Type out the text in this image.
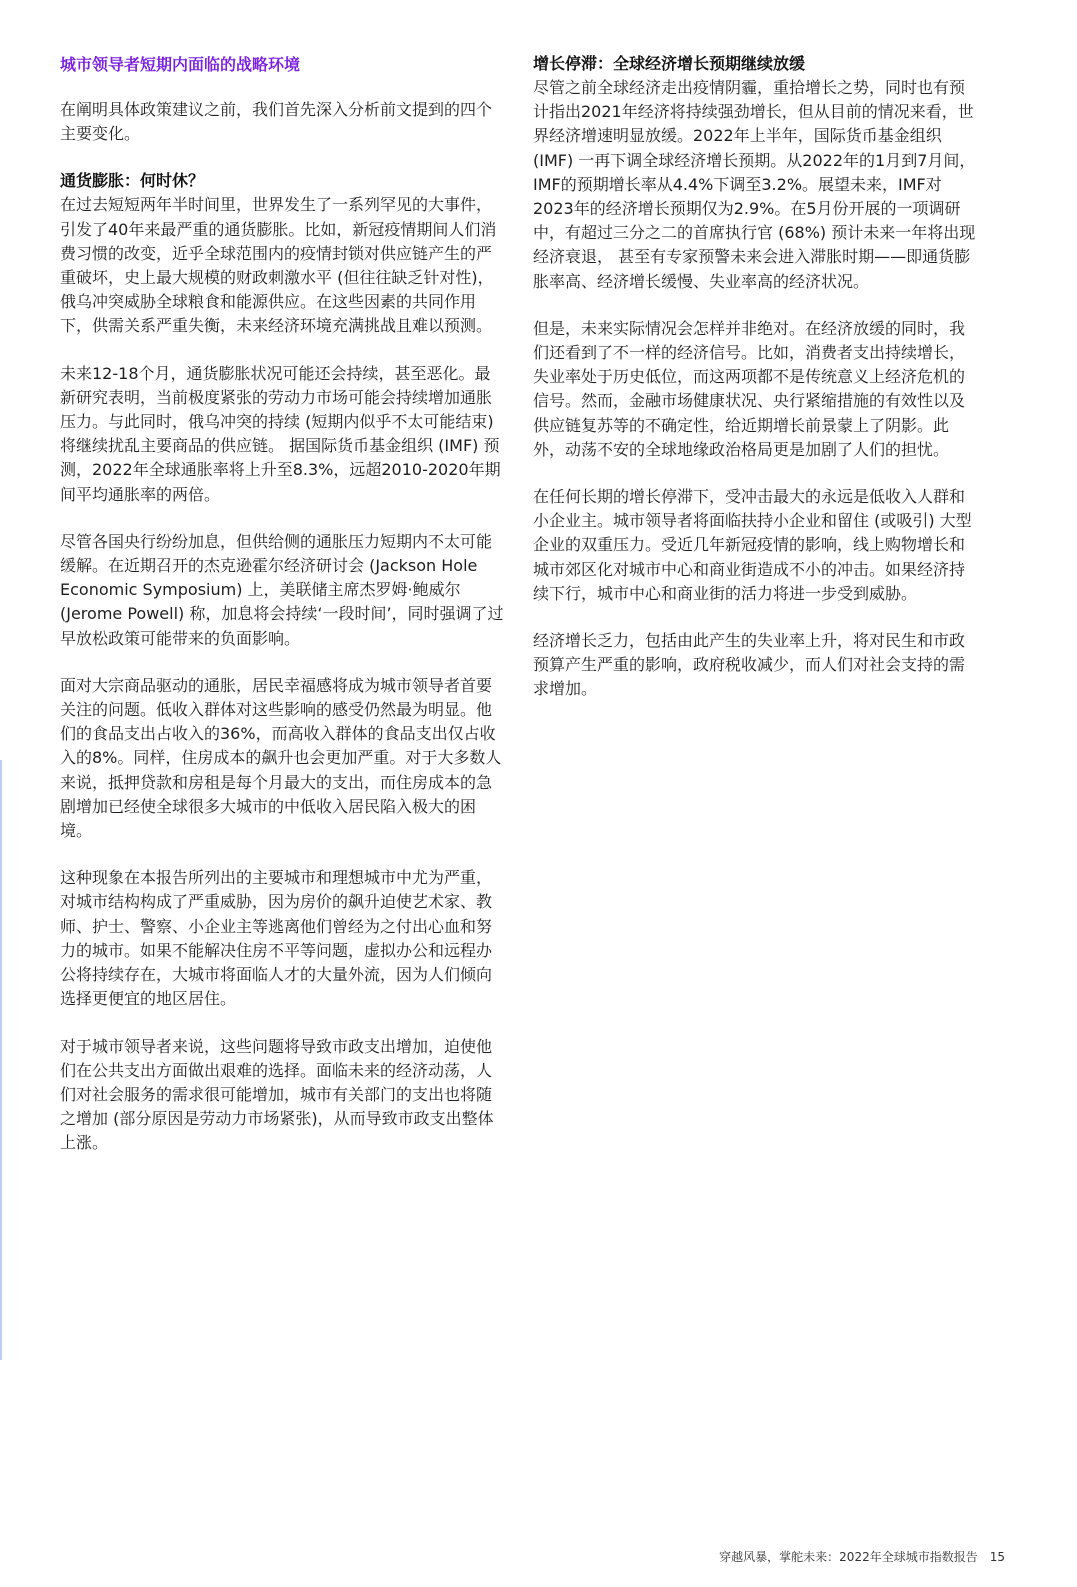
城市领导者短期内面临的战略环境

在阐明具体政策建议之前，我们首先深入分析前文提到的四个主要变化。

通货膨胀：何时休？

在过去短短两年半时间里，世界发生了一系列罕见的大事件，引发了40年来最严重的通货膨胀。比如，新冠疫情期间人们消费习惯的改变，近乎全球范围内的疫情封锁对供应链产生的严重破坏，史上最大规模的财政刺激水平 (但往往缺乏针对性)，俄乌冲突威胁全球粮食和能源供应。在这些因素的共同作用下，供需关系严重失衡，未来经济环境充满挑战且难以预测。

未来12-18个月，通货膨胀状况可能还会持续，甚至恶化。最新研究表明，当前极度紧张的劳动力市场可能会持续增加通胀压力。与此同时，俄乌冲突的持续 (短期内似乎不太可能结束) 将继续扰乱主要商品的供应链。 据国际货币基金组织 (IMF) 预测，2022年全球通胀率将上升至8.3%，远超2010-2020年期间平均通胀率的两倍。

尽管各国央行纷纷加息，但供给侧的通胀压力短期内不太可能缓解。在近期召开的杰克逊霍尔经济研讨会 (Jackson Hole Economic Symposium) 上，美联储主席杰罗姆·鲍威尔 (Jerome Powell) 称，加息将会持续‘一段时间’，同时强调了过早放松政策可能带来的负面影响。

面对大宗商品驱动的通胀，居民幸福感将成为城市领导者首要关注的问题。低收入群体对这些影响的感受仍然最为明显。他们的食品支出占收入的36%，而高收入群体的食品支出仅占收入的8%。同样，住房成本的飙升也会更加严重。对于大多数人来说，抵押贷款和房租是每个月最大的支出，而住房成本的急剧增加已经使全球很多大城市的中低收入居民陷入极大的困境。

这种现象在本报告所列出的主要城市和理想城市中尤为严重，对城市结构构成了严重威胁，因为房价的飙升迫使艺术家、教师、护士、警察、小企业主等逃离他们曾经为之付出心血和努力的城市。如果不能解决住房不平等问题，虚拟办公和远程办公将持续存在，大城市将面临人才的大量外流，因为人们倾向选择更便宜的地区居住。

对于城市领导者来说，这些问题将导致市政支出增加，迫使他们在公共支出方面做出艰难的选择。面临未来的经济动荡，人们对社会服务的需求很可能增加，城市有关部门的支出也将随之增加 (部分原因是劳动力市场紧张)，从而导致市政支出整体上涨。

增长停滞：全球经济增长预期继续放缓

尽管之前全球经济走出疫情阴霾，重拾增长之势，同时也有预计指出2021年经济将持续强劲增长，但从目前的情况来看，世界经济增速明显放缓。2022年上半年，国际货币基金组织 (IMF) 一再下调全球经济增长预期。从2022年的1月到7月间，IMF的预期增长率从4.4%下调至3.2%。展望未来，IMF对2023年的经济增长预期仅为2.9%。在5月份开展的一项调研中，有超过三分之二的首席执行官 (68%) 预计未来一年将出现经济衰退， 甚至有专家预警未来会进入滞胀时期——即通货膨胀率高、经济增长缓慢、失业率高的经济状况。

但是，未来实际情况会怎样并非绝对。在经济放缓的同时，我们还看到了不一样的经济信号。比如，消费者支出持续增长，失业率处于历史低位，而这两项都不是传统意义上经济危机的信号。然而，金融市场健康状况、央行紧缩措施的有效性以及供应链复苏等的不确定性，给近期增长前景蒙上了阴影。此外，动荡不安的全球地缘政治格局更是加剧了人们的担忧。

在任何长期的增长停滞下，受冲击最大的永远是低收入人群和小企业主。城市领导者将面临扶持小企业和留住 (或吸引) 大型企业的双重压力。受近几年新冠疫情的影响，线上购物增长和城市郊区化对城市中心和商业街造成不小的冲击。如果经济持续下行，城市中心和商业街的活力将进一步受到威胁。

经济增长乏力，包括由此产生的失业率上升，将对民生和市政预算产生严重的影响，政府税收减少，而人们对社会支持的需求增加。

穿越风暴，掌舵未来：2022年全球城市指数报告 15
